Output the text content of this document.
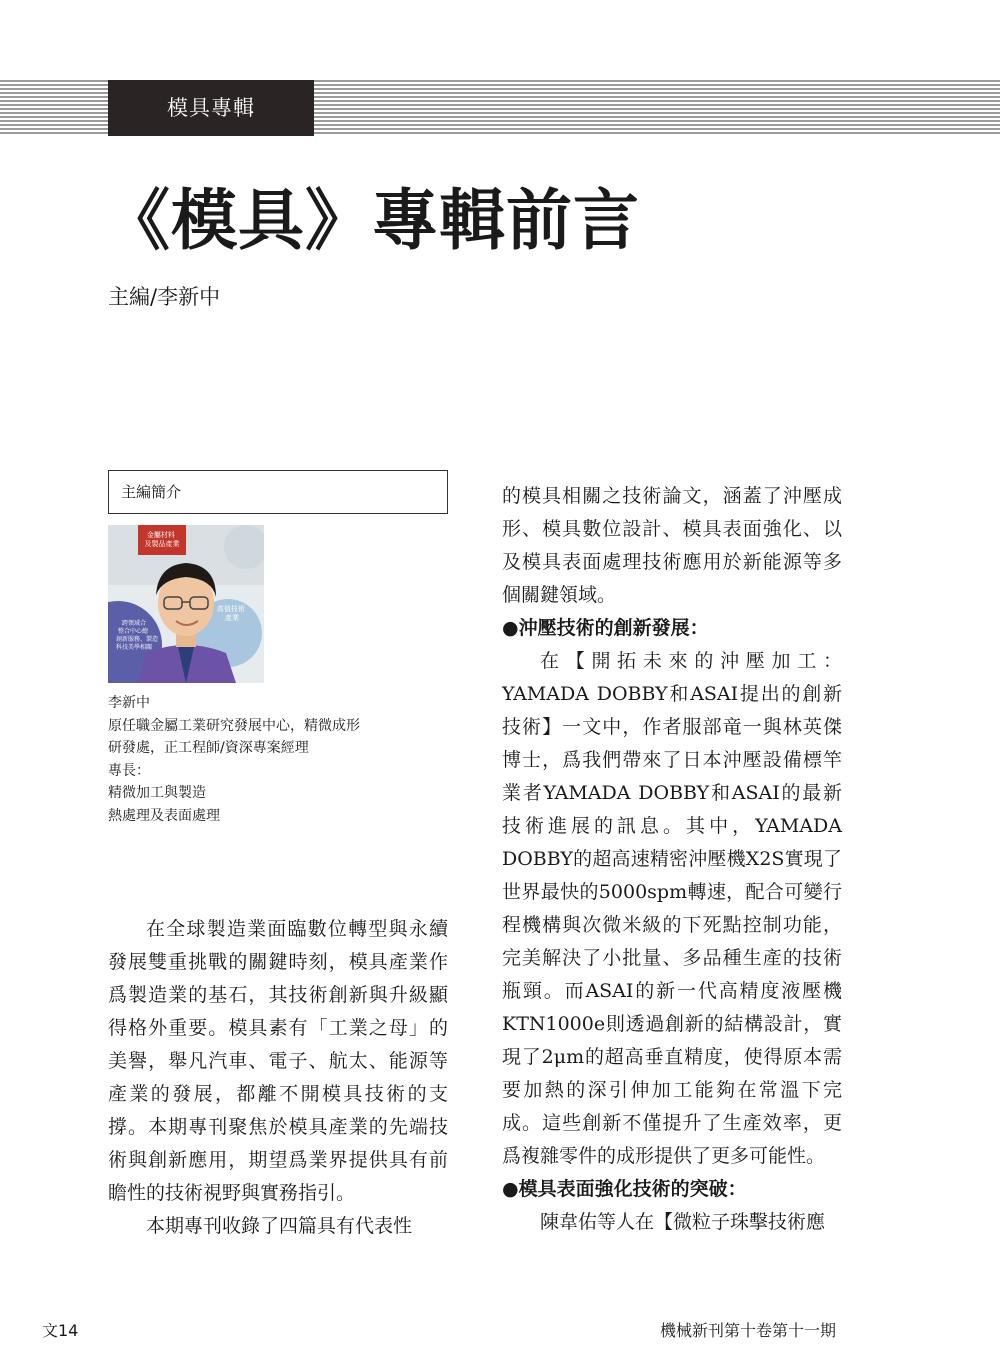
模具專輯
《模具》專輯前言
主編/李新中
主編簡介
金屬材料 及製品產業
高值技術 產業
跨領域合 整合中心總 創新服務、製造 科技美學相關
李新中
原任職金屬工業研究發展中心，精微成形
研發處，正工程師/資深專案經理
專長：
精微加工與製造
熱處理及表面處理

在全球製造業面臨數位轉型與永續發展雙重挑戰的關鍵時刻，模具產業作爲製造業的基石，其技術創新與升級顯得格外重要。模具素有「工業之母」的美譽，舉凡汽車、電子、航太、能源等產業的發展，都離不開模具技術的支撐。本期專刊聚焦於模具產業的先端技術與創新應用，期望爲業界提供具有前瞻性的技術視野與實務指引。

本期專刊收錄了四篇具有代表性

的模具相關之技術論文，涵蓋了沖壓成形、模具數位設計、模具表面強化、以及模具表面處理技術應用於新能源等多個關鍵領域。

●沖壓技術的創新發展：

在【開拓未來的沖壓加工：YAMADA DOBBY和ASAI提出的創新技術】一文中，作者服部竜一與林英傑博士，爲我們帶來了日本沖壓設備標竿業者YAMADA DOBBY和ASAI的最新技術進展的訊息。其中，YAMADA DOBBY的超高速精密沖壓機X2S實現了世界最快的5000spm轉速，配合可變行程機構與次微米級的下死點控制功能，完美解決了小批量、多品種生產的技術瓶頸。而ASAI的新一代高精度液壓機KTN1000e則透過創新的結構設計，實現了2μm的超高垂直精度，使得原本需要加熱的深引伸加工能夠在常溫下完成。這些創新不僅提升了生產效率，更爲複雜零件的成形提供了更多可能性。

●模具表面強化技術的突破：

陳韋佑等人在【微粒子珠擊技術應

文14	機械新刊第十卷第十一期
